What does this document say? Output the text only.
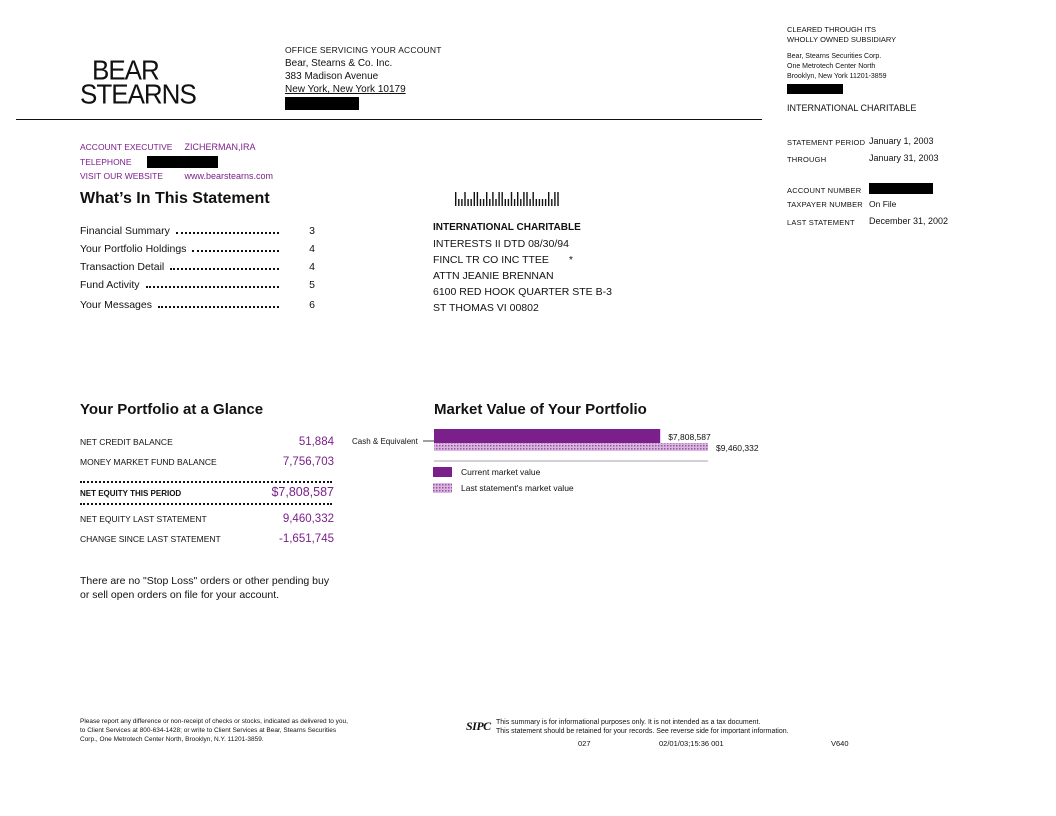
BEAR
STEARNS
OFFICE SERVICING YOUR ACCOUNT
Bear, Stearns & Co. Inc.
383 Madison Avenue
New York, New York 10179
CLEARED THROUGH ITS
WHOLLY OWNED SUBSIDIARY
Bear, Stearns Securities Corp.
One Metrotech Center North
Brooklyn, New York 11201-3859
INTERNATIONAL CHARITABLE
STATEMENT PERIOD January 1, 2003
THROUGH	January 31, 2003
ACCOUNT NUMBER
TAXPAYER NUMBER On File
LAST STATEMENT December 31, 2002
ACCOUNT EXECUTIVE ZICHERMAN,IRA
TELEPHONE
VISIT OUR WEBSITE www.bearstearns.com
What’s In This Statement
Financial Summary	3
Your Portfolio Holdings	4
Transaction Detail	4
Fund Activity	5
Your Messages	6
INTERNATIONAL CHARITABLE
INTERESTS II DTD 08/30/94
FINCL TR CO INC TTEE *
ATTN JEANIE BRENNAN
6100 RED HOOK QUARTER STE B-3
ST THOMAS VI 00802
Your Portfolio at a Glance
NET CREDIT BALANCE	51,884
MONEY MARKET FUND BALANCE	7,756,703
NET EQUITY THIS PERIOD	$7,808,587
NET EQUITY LAST STATEMENT	9,460,332
CHANGE SINCE LAST STATEMENT	-1,651,745
There are no "Stop Loss" orders or other pending buy
or sell open orders on file for your account.
Market Value of Your Portfolio
Cash & Equivalent	$7,808,587
$9,460,332
Current market value
Last statement's market value
Please report any difference or non-receipt of checks or stocks, indicated as delivered to you,
to Client Services at 800-634-1428; or write to Client Services at Bear, Stearns Securities
Corp., One Metrotech Center North, Brooklyn, N.Y. 11201-3859.
SIPC This summary is for informational purposes only. It is not intended as a tax document.
This statement should be retained for your records. See reverse side for important information.
027	02/01/03;15:36 001	V640
